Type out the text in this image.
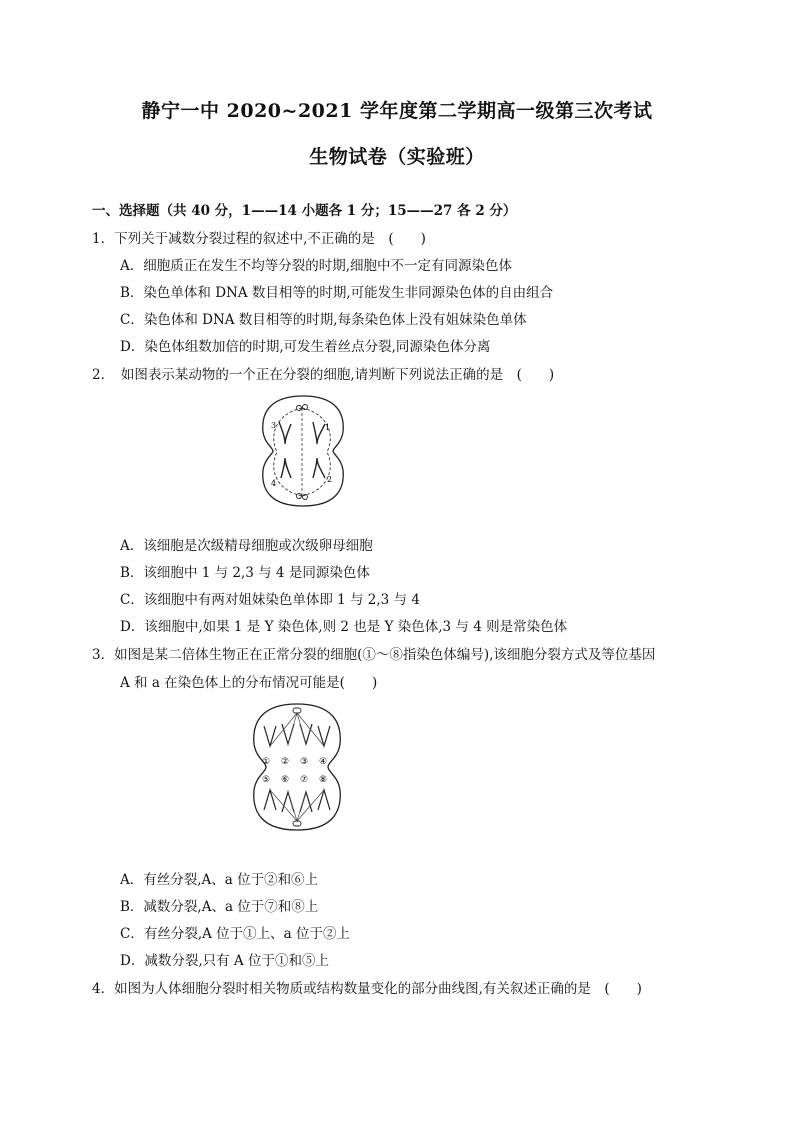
静宁一中 2020~2021 学年度第二学期高一级第三次考试
生物试卷（实验班）
一、选择题（共 40 分，1——14 小题各 1 分；15——27 各 2 分）
1．下列关于减数分裂过程的叙述中,不正确的是　(　　)
A．细胞质正在发生不均等分裂的时期,细胞中不一定有同源染色体
B．染色单体和 DNA 数目相等的时期,可能发生非同源染色体的自由组合
C．染色体和 DNA 数目相等的时期,每条染色体上没有姐妹染色单体
D．染色体组数加倍的时期,可发生着丝点分裂,同源染色体分离
2．　如图表示某动物的一个正在分裂的细胞,请判断下列说法正确的是　(　　)
1
2
3
4
A．该细胞是次级精母细胞或次级卵母细胞
B．该细胞中 1 与 2,3 与 4 是同源染色体
C．该细胞中有两对姐妹染色单体即 1 与 2,3 与 4
D．该细胞中,如果 1 是 Y 染色体,则 2 也是 Y 染色体,3 与 4 则是常染色体
3．如图是某二倍体生物正在正常分裂的细胞(①～⑧指染色体编号),该细胞分裂方式及等位基因
A 和 a 在染色体上的分布情况可能是(　　)
① ② ③ ④
⑤ ⑥ ⑦ ⑧
A．有丝分裂,A、a 位于②和⑥上
B．减数分裂,A、a 位于⑦和⑧上
C．有丝分裂,A 位于①上、a 位于②上
D．减数分裂,只有 A 位于①和⑤上
4．如图为人体细胞分裂时相关物质或结构数量变化的部分曲线图,有关叙述正确的是　(　　)
